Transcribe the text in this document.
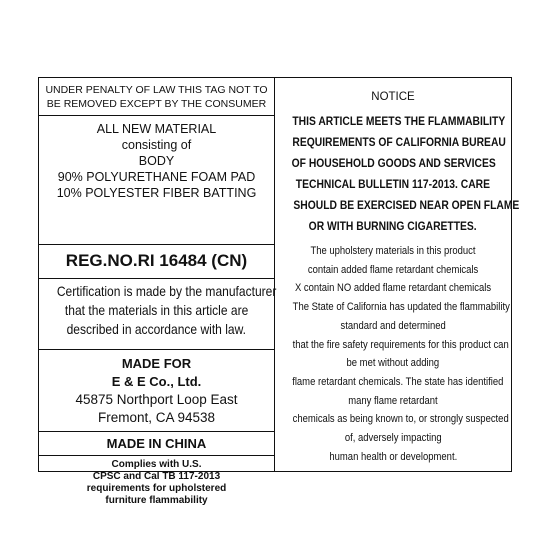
UNDER PENALTY OF LAW THIS TAG NOT TO
BE REMOVED EXCEPT BY THE CONSUMER
ALL NEW MATERIAL
consisting of
BODY
90% POLYURETHANE FOAM PAD
10% POLYESTER FIBER BATTING
REG.NO.RI 16484 (CN)
Certification is made by the manufacturer
that the materials in this article are
described in accordance with law.
MADE FOR
E & E Co., Ltd.
45875 Northport Loop East
Fremont, CA 94538
MADE IN CHINA
Complies with U.S.
CPSC and Cal TB 117-2013
requirements for upholstered
furniture flammability
NOTICE
THIS ARTICLE MEETS THE FLAMMABILITY
REQUIREMENTS OF CALIFORNIA BUREAU
OF HOUSEHOLD GOODS AND SERVICES
TECHNICAL BULLETIN 117-2013. CARE
SHOULD BE EXERCISED NEAR OPEN FLAME
OR WITH BURNING CIGARETTES.
The upholstery materials in this product
contain added flame retardant chemicals
X contain NO added flame retardant chemicals
The State of California has updated the flammability
standard and determined
that the fire safety requirements for this product can
be met without adding
flame retardant chemicals. The state has identified
many flame retardant
chemicals as being known to, or strongly suspected
of, adversely impacting
human health or development.
